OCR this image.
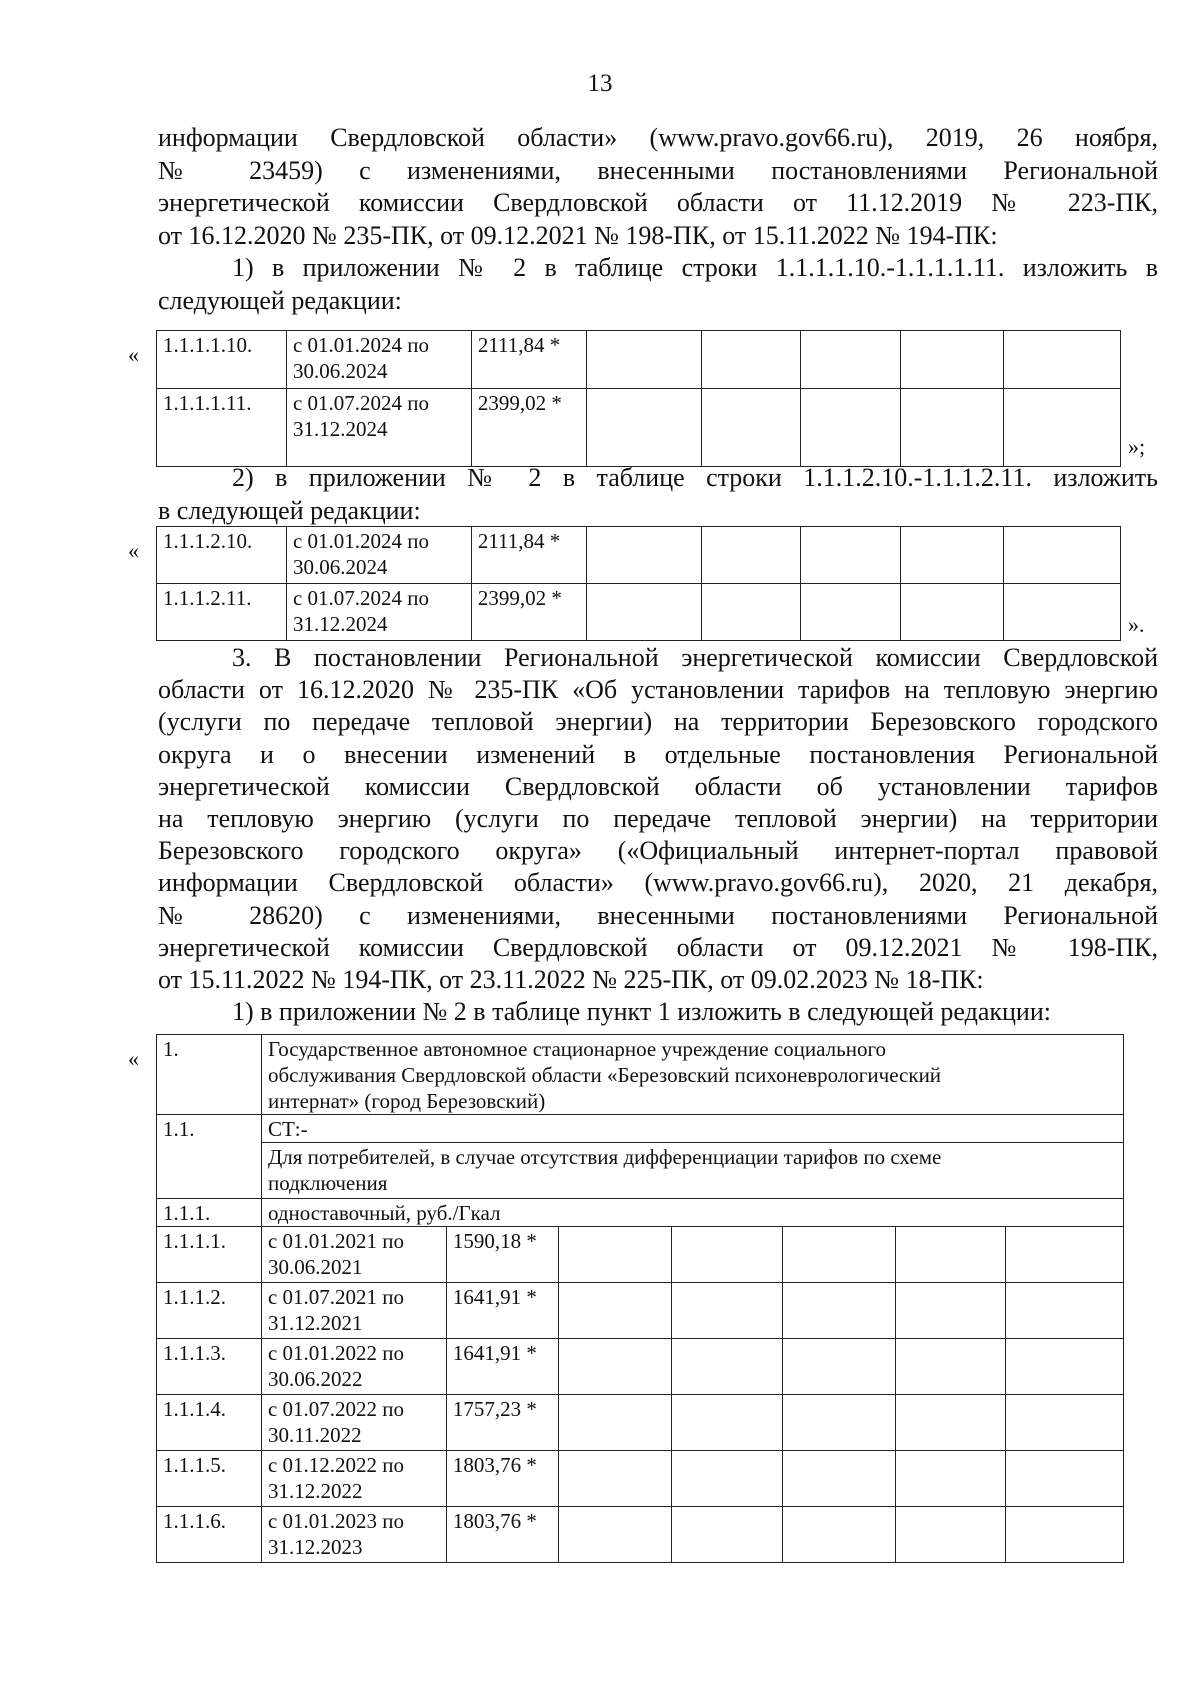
13
информации Свердловской области» (www.pravo.gov66.ru), 2019, 26 ноября,
№ 23459) с изменениями, внесенными постановлениями Региональной
энергетической комиссии Свердловской области от 11.12.2019 № 223-ПК,
от 16.12.2020 № 235-ПК, от 09.12.2021 № 198-ПК, от 15.11.2022 № 194-ПК:
1) в приложении № 2 в таблице строки 1.1.1.1.10.-1.1.1.1.11. изложить в
следующей редакции:
« 1.1.1.1.10.	с 01.01.2024 по
30.06.2024	2111,84 *					
1.1.1.1.11.	с 01.07.2024 по
31.12.2024	2399,02 *					
»;
2) в приложении № 2 в таблице строки 1.1.1.2.10.-1.1.1.2.11. изложить
в следующей редакции:
« 1.1.1.2.10.	с 01.01.2024 по
30.06.2024	2111,84 *					
1.1.1.2.11.	с 01.07.2024 по
31.12.2024	2399,02 *					
».
3. В постановлении Региональной энергетической комиссии Свердловской
области от 16.12.2020 № 235-ПК «Об установлении тарифов на тепловую энергию
(услуги по передаче тепловой энергии) на территории Березовского городского
округа и о внесении изменений в отдельные постановления Региональной
энергетической комиссии Свердловской области об установлении тарифов
на тепловую энергию (услуги по передаче тепловой энергии) на территории
Березовского городского округа» («Официальный интернет-портал правовой
информации Свердловской области» (www.pravo.gov66.ru), 2020, 21 декабря,
№ 28620) с изменениями, внесенными постановлениями Региональной
энергетической комиссии Свердловской области от 09.12.2021 № 198-ПК,
от 15.11.2022 № 194-ПК, от 23.11.2022 № 225-ПК, от 09.02.2023 № 18-ПК:
1) в приложении № 2 в таблице пункт 1 изложить в следующей редакции:
« 1.	Государственное автономное стационарное учреждение социального
обслуживания Свердловской области «Березовский психоневрологический
интернат» (город Березовский)						
1.1.	СТ:-						
	Для потребителей, в случае отсутствия дифференциации тарифов по схеме
подключения						
1.1.1.	одноставочный, руб./Гкал						
1.1.1.1.	с 01.01.2021 по
30.06.2021	1590,18 *					
1.1.1.2.	с 01.07.2021 по
31.12.2021	1641,91 *					
1.1.1.3.	с 01.01.2022 по
30.06.2022	1641,91 *					
1.1.1.4.	с 01.07.2022 по
30.11.2022	1757,23 *					
1.1.1.5.	с 01.12.2022 по
31.12.2022	1803,76 *					
1.1.1.6.	с 01.01.2023 по
31.12.2023	1803,76 *					
